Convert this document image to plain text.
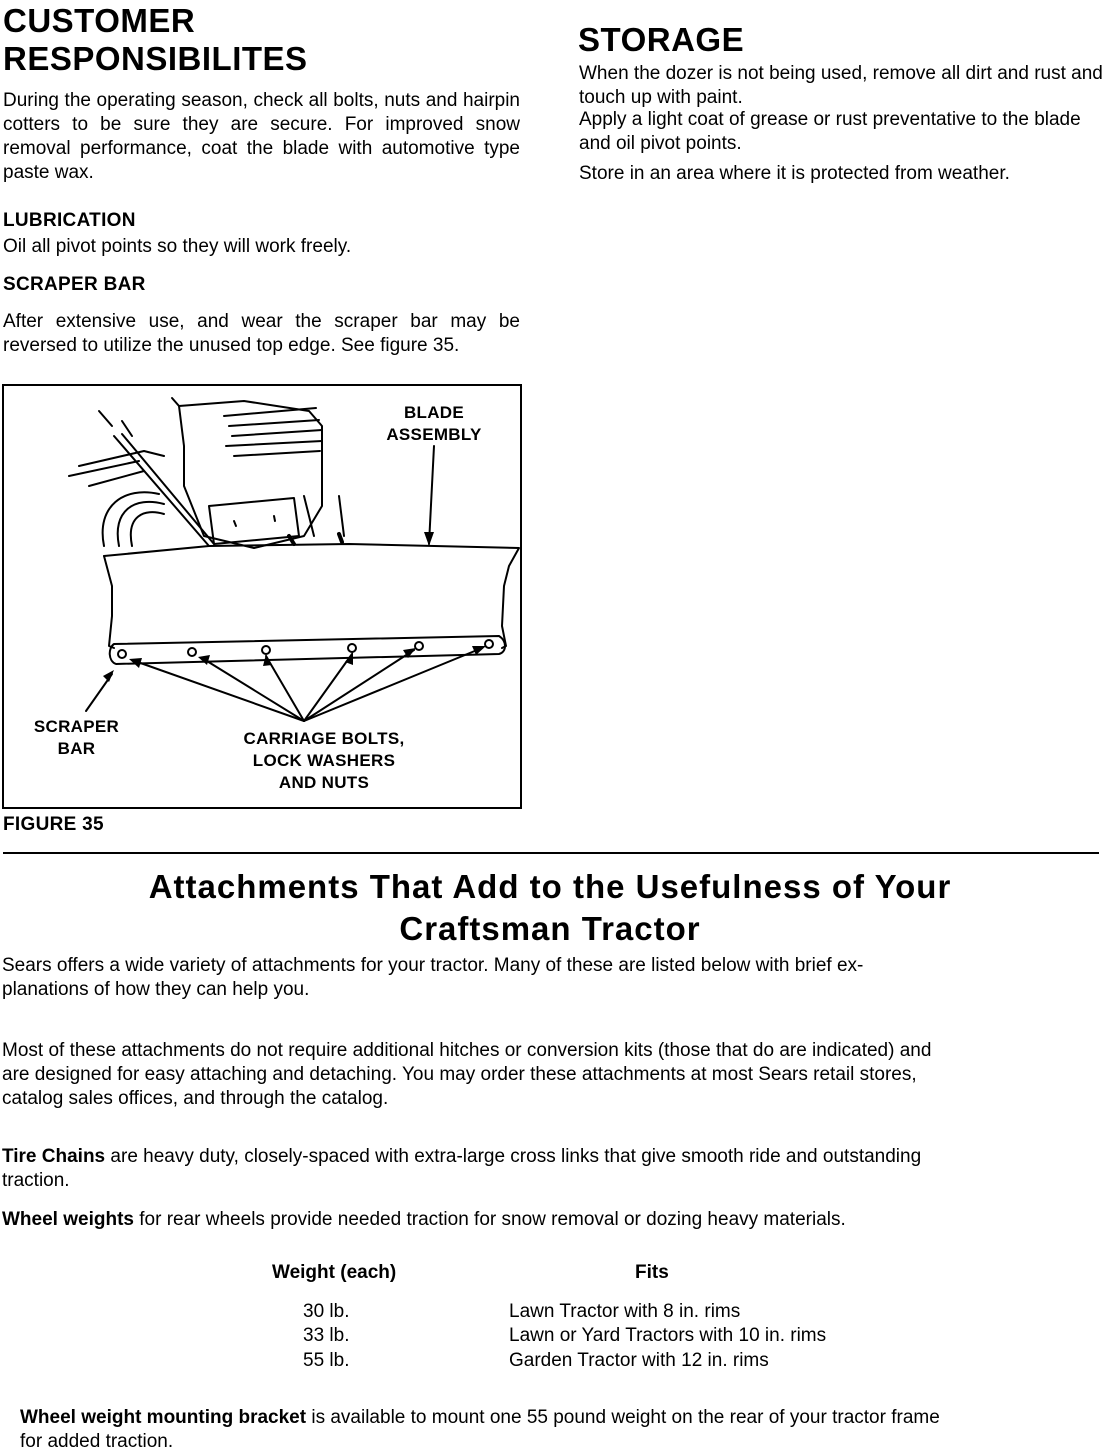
CUSTOMER
RESPONSIBILITES
During the operating season, check all bolts, nuts and hairpin cotters to be sure they are secure. For improved snow removal performance, coat the blade with automotive type paste wax.
LUBRICATION
Oil all pivot points so they will work freely.
SCRAPER BAR
After extensive use, and wear the scraper bar may be reversed to utilize the unused top edge. See figure 35.
BLADE
ASSEMBLY
SCRAPER
BAR
CARRIAGE BOLTS,
LOCK WASHERS
AND NUTS
FIGURE 35
STORAGE
When the dozer is not being used, remove all dirt and rust and touch up with paint.
Apply a light coat of grease or rust preventative to the blade and oil pivot points.
Store in an area where it is protected from weather.
Attachments That Add to the Usefulness of Your
Craftsman Tractor
Sears offers a wide variety of attachments for your tractor. Many of these are listed below with brief ex-
planations of how they can help you.
Most of these attachments do not require additional hitches or conversion kits (those that do are indicated) and
are designed for easy attaching and detaching. You may order these attachments at most Sears retail stores,
catalog sales offices, and through the catalog.
Tire Chains are heavy duty, closely-spaced with extra-large cross links that give smooth ride and outstanding
traction.
Wheel weights for rear wheels provide needed traction for snow removal or dozing heavy materials.
Weight (each)	Fits
30 lb.	Lawn Tractor with 8 in. rims
33 lb.	Lawn or Yard Tractors with 10 in. rims
55 lb.	Garden Tractor with 12 in. rims
Wheel weight mounting bracket is available to mount one 55 pound weight on the rear of your tractor frame
for added traction.
